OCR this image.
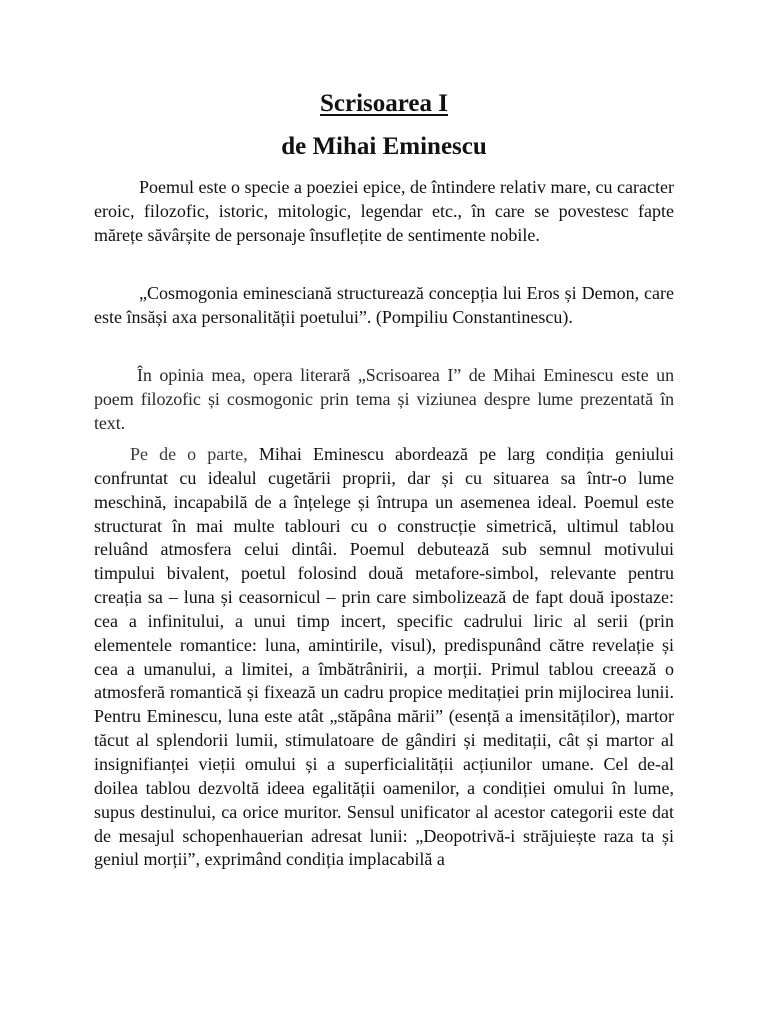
Scrisoarea I
de Mihai Eminescu

Poemul este o specie a poeziei epice, de întindere relativ mare, cu caracter eroic, filozofic, istoric, mitologic, legendar etc., în care se povestesc fapte mărețe săvârșite de personaje însuflețite de sentimente nobile.

„Cosmogonia eminesciană structurează concepția lui Eros și Demon, care este însăși axa personalității poetului”. (Pompiliu Constantinescu).

În opinia mea, opera literară „Scrisoarea I” de Mihai Eminescu este un poem filozofic și cosmogonic prin tema și viziunea despre lume prezentată în text.

Pe de o parte, Mihai Eminescu abordează pe larg condiția geniului confruntat cu idealul cugetării proprii, dar și cu situarea sa într-o lume meschină, incapabilă de a înțelege și întrupa un asemenea ideal. Poemul este structurat în mai multe tablouri cu o construcție simetrică, ultimul tablou reluând atmosfera celui dintâi. Poemul debutează sub semnul motivului timpului bivalent, poetul folosind două metafore-simbol, relevante pentru creația sa – luna și ceasornicul – prin care simbolizează de fapt două ipostaze: cea a infinitului, a unui timp incert, specific cadrului liric al serii (prin elementele romantice: luna, amintirile, visul), predispunând către revelație și cea a umanului, a limitei, a îmbătrânirii, a morții. Primul tablou creează o atmosferă romantică și fixează un cadru propice meditației prin mijlocirea lunii. Pentru Eminescu, luna este atât „stăpâna mării” (esență a imensităților), martor tăcut al splendorii lumii, stimulatoare de gândiri și meditații, cât și martor al insignifianței vieții omului și a superficialității acțiunilor umane. Cel de-al doilea tablou dezvoltă ideea egalității oamenilor, a condiției omului în lume, supus destinului, ca orice muritor. Sensul unificator al acestor categorii este dat de mesajul schopenhauerian adresat lunii: „Deopotrivă-i străjuiește raza ta și geniul morții”, exprimând condiția implacabilă a
